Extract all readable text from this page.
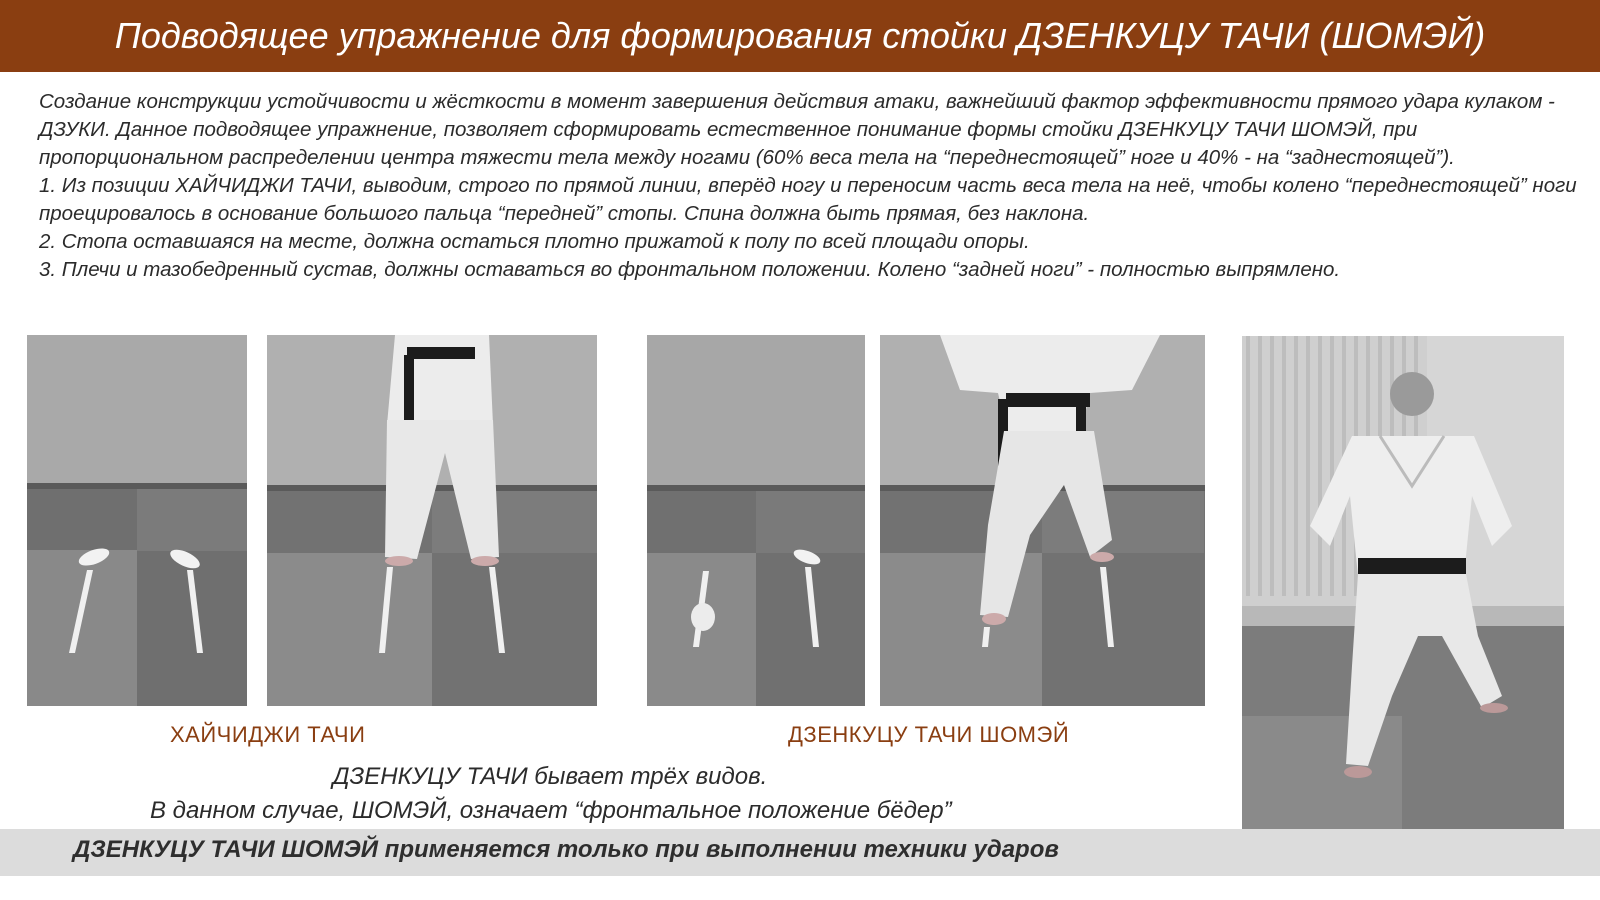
Подводящее упражнение для формирования стойки ДЗЕНКУЦУ ТАЧИ (ШОМЭЙ)

Создание конструкции устойчивости и жёсткости в момент завершения действия атаки, важнейший фактор эффективности прямого удара кулаком - ДЗУКИ. Данное подводящее упражнение, позволяет сформировать естественное понимание формы стойки ДЗЕНКУЦУ ТАЧИ ШОМЭЙ, при пропорциональном распределении центра тяжести тела между ногами (60% веса тела на “переднестоящей” ноге и 40% - на “заднестоящей”).

1. Из позиции ХАЙЧИДЖИ ТАЧИ, выводим, строго по прямой линии, вперёд ногу и переносим часть веса тела на неё, чтобы колено “переднестоящей” ноги проецировалось в основание большого пальца “передней” стопы. Спина должна быть прямая, без наклона.

2. Стопа оставшаяся на месте, должна остаться плотно прижатой к полу по всей площади опоры.

3. Плечи и тазобедренный сустав, должны оставаться во фронтальном положении. Колено “задней ноги” - полностью выпрямлено.

ХАЙЧИДЖИ ТАЧИ	ДЗЕНКУЦУ ТАЧИ ШОМЭЙ
ДЗЕНКУЦУ ТАЧИ бывает трёх видов.
В данном случае, ШОМЭЙ, означает “фронтальное положение бёдер”
ДЗЕНКУЦУ ТАЧИ ШОМЭЙ применяется только при выполнении техники ударов
